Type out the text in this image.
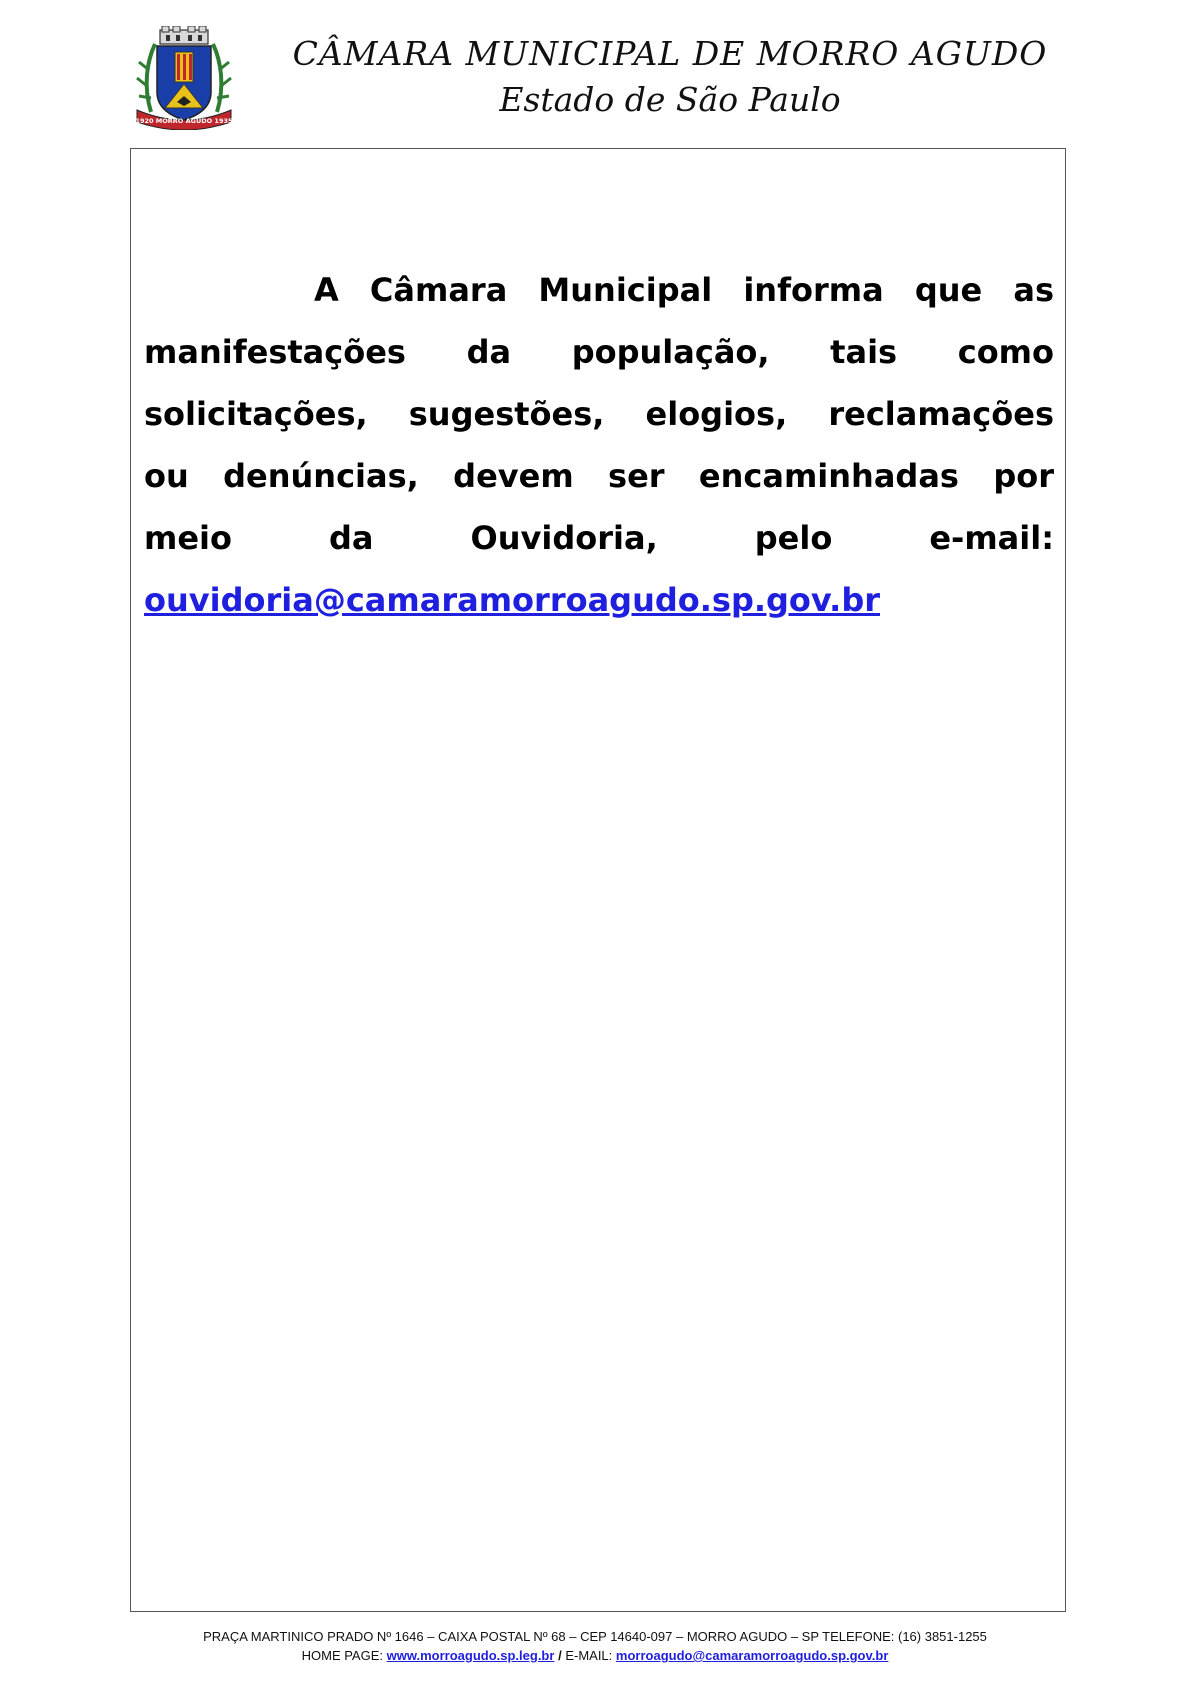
1920 MORRO AGUDO 1935
CÂMARA MUNICIPAL DE MORRO AGUDO
Estado de São Paulo

A Câmara Municipal informa que as
manifestações da população, tais como
solicitações, sugestões, elogios, reclamações
ou denúncias, devem ser encaminhadas por
meio da Ouvidoria, pelo e-mail:
ouvidoria@camaramorroagudo.sp.gov.br

PRAÇA MARTINICO PRADO Nº 1646 – CAIXA POSTAL Nº 68 – CEP 14640-097 – MORRO AGUDO – SP TELEFONE: (16) 3851-1255
HOME PAGE: www.morroagudo.sp.leg.br / E-MAIL: morroagudo@camaramorroagudo.sp.gov.br
